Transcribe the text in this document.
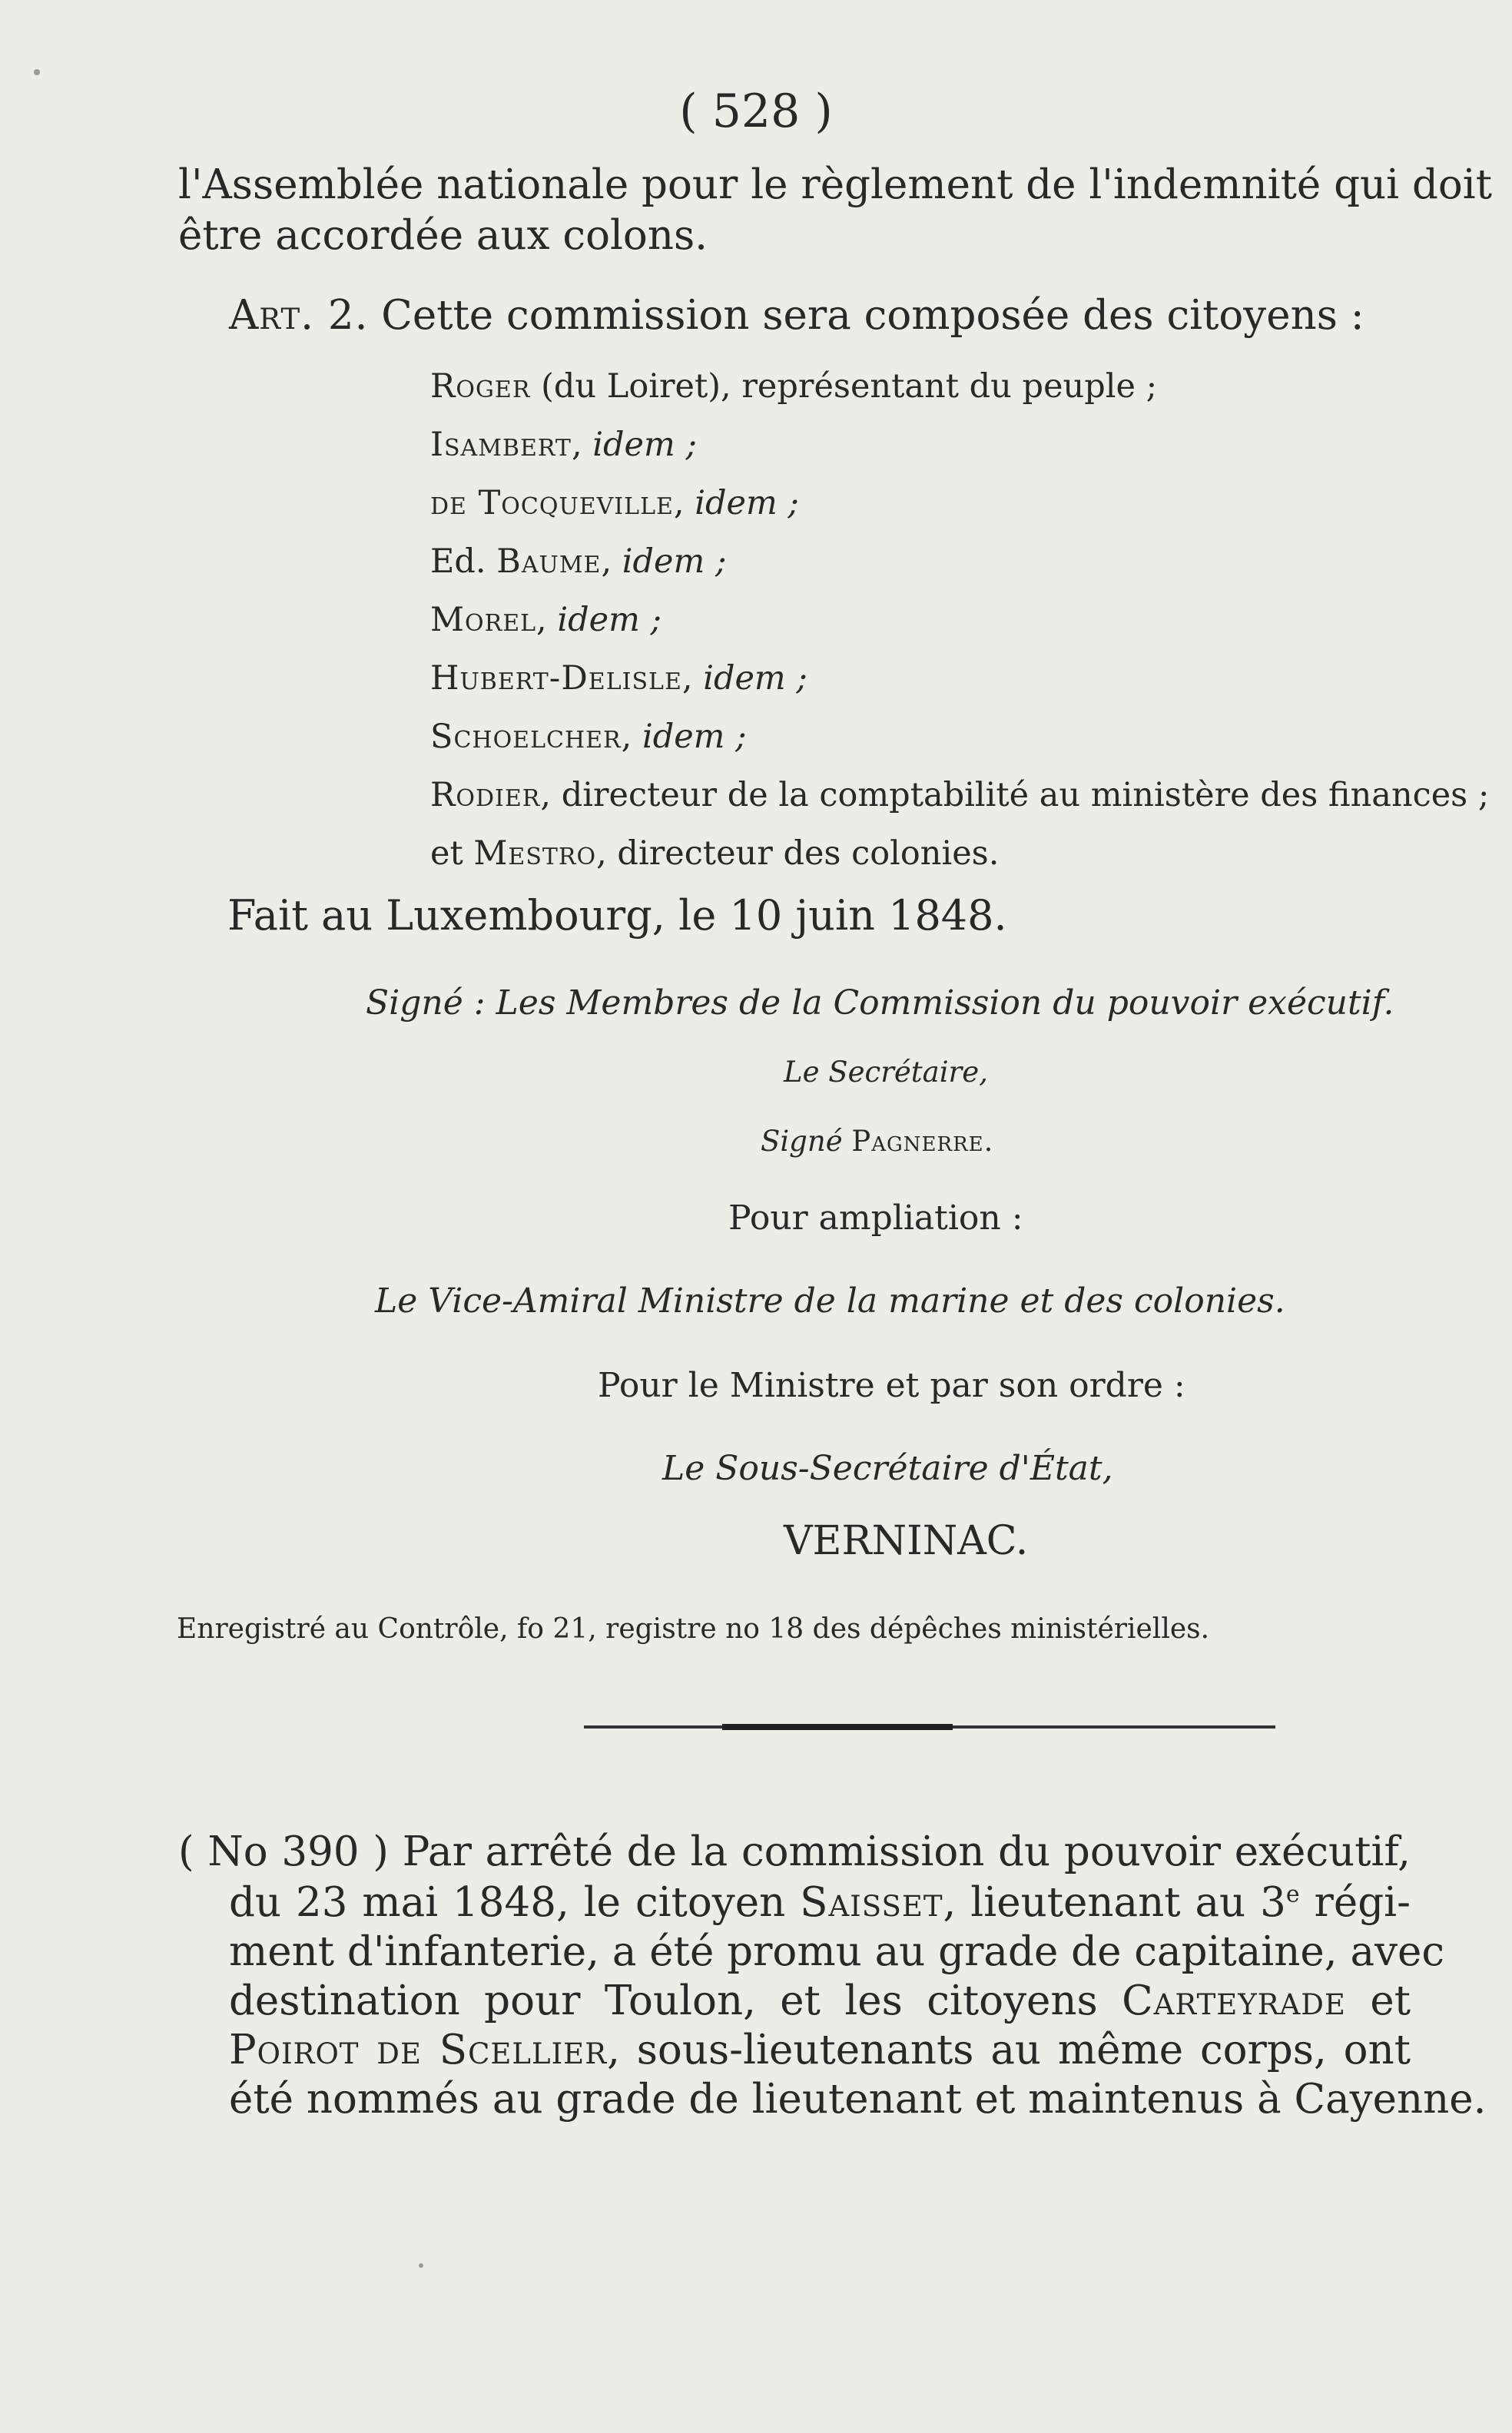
( 528 )
l'Assemblée nationale pour le règlement de l'indemnité qui doit
être accordée aux colons.
Art. 2. Cette commission sera composée des citoyens :
Roger (du Loiret), représentant du peuple ;
Isambert, idem ;
de Tocqueville, idem ;
Ed. Baume, idem ;
Morel, idem ;
Hubert-Delisle, idem ;
Schoelcher, idem ;
Rodier, directeur de la comptabilité au ministère des finances ;
et Mestro, directeur des colonies.
Fait au Luxembourg, le 10 juin 1848.
Signé : Les Membres de la Commission du pouvoir exécutif.
Le Secrétaire,
Signé Pagnerre.
Pour ampliation :
Le Vice-Amiral Ministre de la marine et des colonies.
Pour le Ministre et par son ordre :
Le Sous-Secrétaire d'État,
VERNINAC.
Enregistré au Contrôle, fo 21, registre no 18 des dépêches ministérielles.
( No 390 ) Par arrêté de la commission du pouvoir exécutif,
du 23 mai 1848, le citoyen Saisset, lieutenant au 3e régi-
ment d'infanterie, a été promu au grade de capitaine, avec
destination pour Toulon, et les citoyens Carteyrade et
Poirot de Scellier, sous-lieutenants au même corps, ont
été nommés au grade de lieutenant et maintenus à Cayenne.
